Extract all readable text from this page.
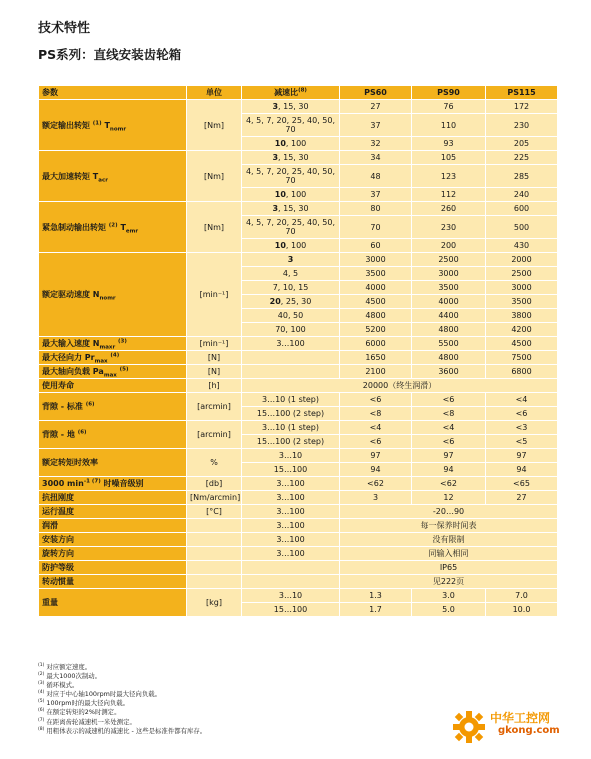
技术特性
PS系列：直线安装齿轮箱
参数	单位	减速比$^{(8)}$	PS60	PS90	PS115
额定输出转矩 $^{(1)}$ $T_{nomr}$	[Nm]	3, 15, 30	27	76	172
		4, 5, 7, 20, 25, 40, 50, 70	37	110	230
		10, 100	32	93	205
最大加速转矩 $T_{acr}$	[Nm]	3, 15, 30	34	105	225
		4, 5, 7, 20, 25, 40, 50, 70	48	123	285
		10, 100	37	112	240
紧急制动输出转矩 $^{(2)}$ $T_{emr}$	[Nm]	3, 15, 30	80	260	600
		4, 5, 7, 20, 25, 40, 50, 70	70	230	500
		10, 100	60	200	430
额定驱动速度 $N_{nomr}$	[min⁻¹]	3	3000	2500	2000
		4, 5	3500	3000	2500
		7, 10, 15	4000	3500	3000
		20, 25, 30	4500	4000	3500
		40, 50	4800	4400	3800
		70, 100	5200	4800	4200
最大输入速度 $N_{maxr}$ $^{(3)}$	[min⁻¹]	3…100	6000	5500	4500
最大径向力 $Pr_{max}$ $^{(4)}$	[N]		1650	4800	7500
最大轴向负载 $Pa_{max}$ $^{(5)}$	[N]		2100	3600	6800
使用寿命	[h]	20000（终生润滑）			
背隙 - 标准 $^{(6)}$	[arcmin]	3…10 (1 step)	<6	<6	<4
		15…100 (2 step)	<8	<8	<6
背隙 - 地 $^{(6)}$	[arcmin]	3…10 (1 step)	<4	<4	<3
		15…100 (2 step)	<6	<6	<5
额定转矩时效率	%	3…10	97	97	97
		15…100	94	94	94
3000 $\min^{-1 (7)}$ 时噪音级别	[db]	3…100	<62	<62	<65
抗扭刚度	[Nm/arcmin]	3…100	3	12	27
运行温度	[°C]	3…100	-20…90		
润滑		3…100	每一保养时间表		
安装方向		3…100	没有限制		
旋转方向		3…100	同输入相同		
防护等级			IP65		
转动惯量			见222页		
重量	[kg]	3…10	1.3	3.0	7.0
		15…100	1.7	5.0	10.0
$^{(1)}$ 对应额定速度。
$^{(2)}$ 最大1000次制动。
$^{(3)}$ 循环模式。
$^{(4)}$ 对应于中心轴100rpm时最大径向负载。
$^{(5)}$ 100rpm时的最大径向负载。
$^{(6)}$ 在额定转矩的2%时测定。
$^{(7)}$ 在距离齿轮减速机一米处测定。
$^{(8)}$ 用粗体表示的减速机的减速比 - 这些是标准件都有库存。
中华工控网
gkong.com
